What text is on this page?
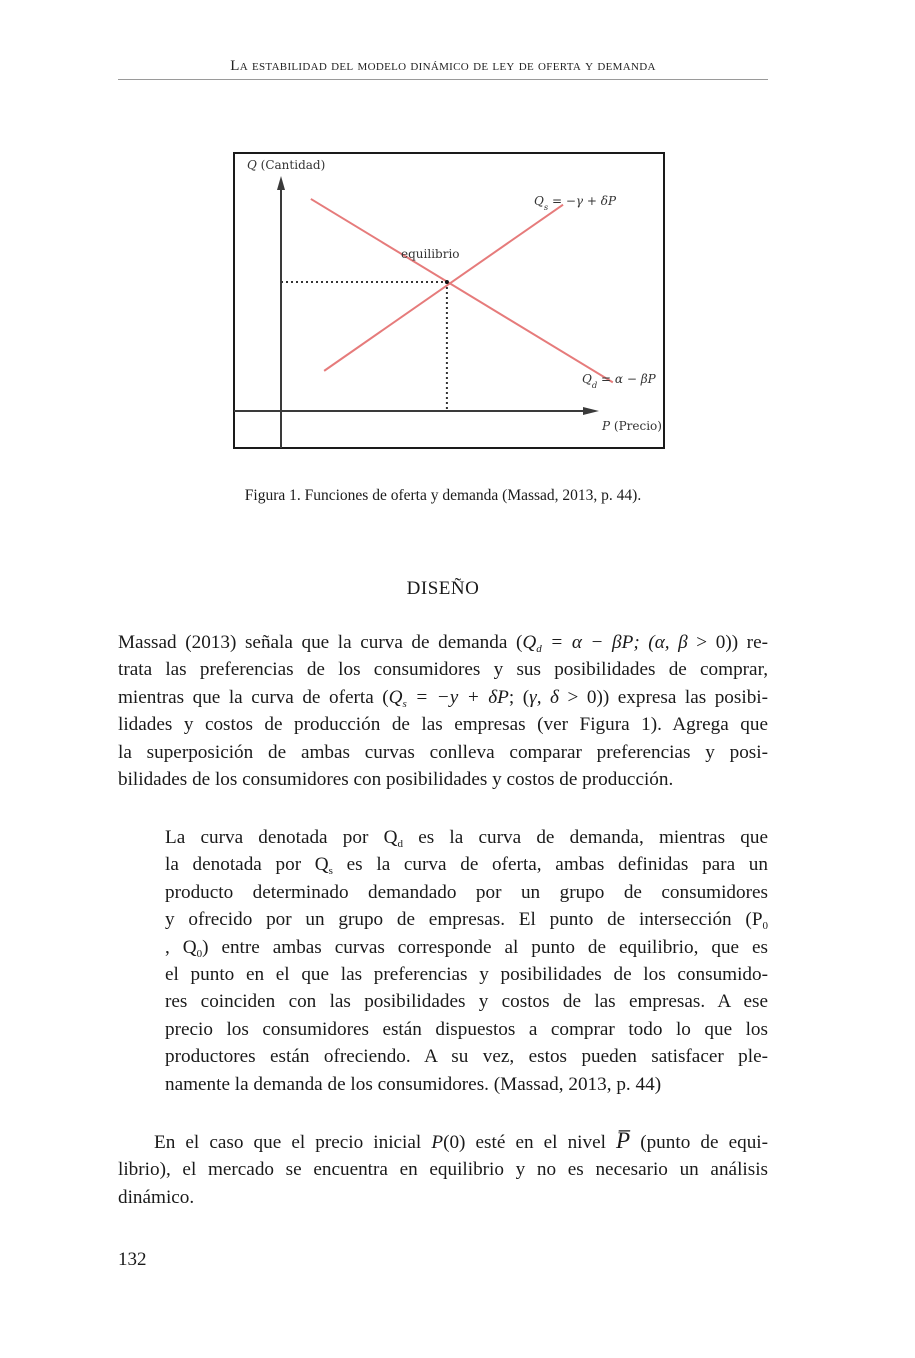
La estabilidad del modelo dinámico de ley de oferta y demanda
Q (Cantidad)
P (Precio)
$Q_s = -\gamma + \delta P$
$Q_d = \alpha - \beta P$
equilibrio
Figura 1. Funciones de oferta y demanda (Massad, 2013, p. 44).
DISEÑO
Massad (2013) señala que la curva de demanda ($Q_d = \alpha - \beta P$; (α, β > 0)) re-
trata las preferencias de los consumidores y sus posibilidades de comprar,
mientras que la curva de oferta ($Q_s = -y + \delta P$; (γ, δ > 0)) expresa las posibi-
lidades y costos de producción de las empresas (ver Figura 1). Agrega que
la superposición de ambas curvas conlleva comparar preferencias y posi-
bilidades de los consumidores con posibilidades y costos de producción.
La curva denotada por $Q_d$ es la curva de demanda, mientras que
la denotada por $Q_s$ es la curva de oferta, ambas definidas para un
producto determinado demandado por un grupo de consumidores
y ofrecido por un grupo de empresas. El punto de intersección ($P_0$
, $Q_0$) entre ambas curvas corresponde al punto de equilibrio, que es
el punto en el que las preferencias y posibilidades de los consumido-
res coinciden con las posibilidades y costos de las empresas. A ese
precio los consumidores están dispuestos a comprar todo lo que los
productores están ofreciendo. A su vez, estos pueden satisfacer ple-
namente la demanda de los consumidores. (Massad, 2013, p. 44)
En el caso que el precio inicial P(0) esté en el nivel P̅ (punto de equi-
librio), el mercado se encuentra en equilibrio y no es necesario un análisis
dinámico.
132
